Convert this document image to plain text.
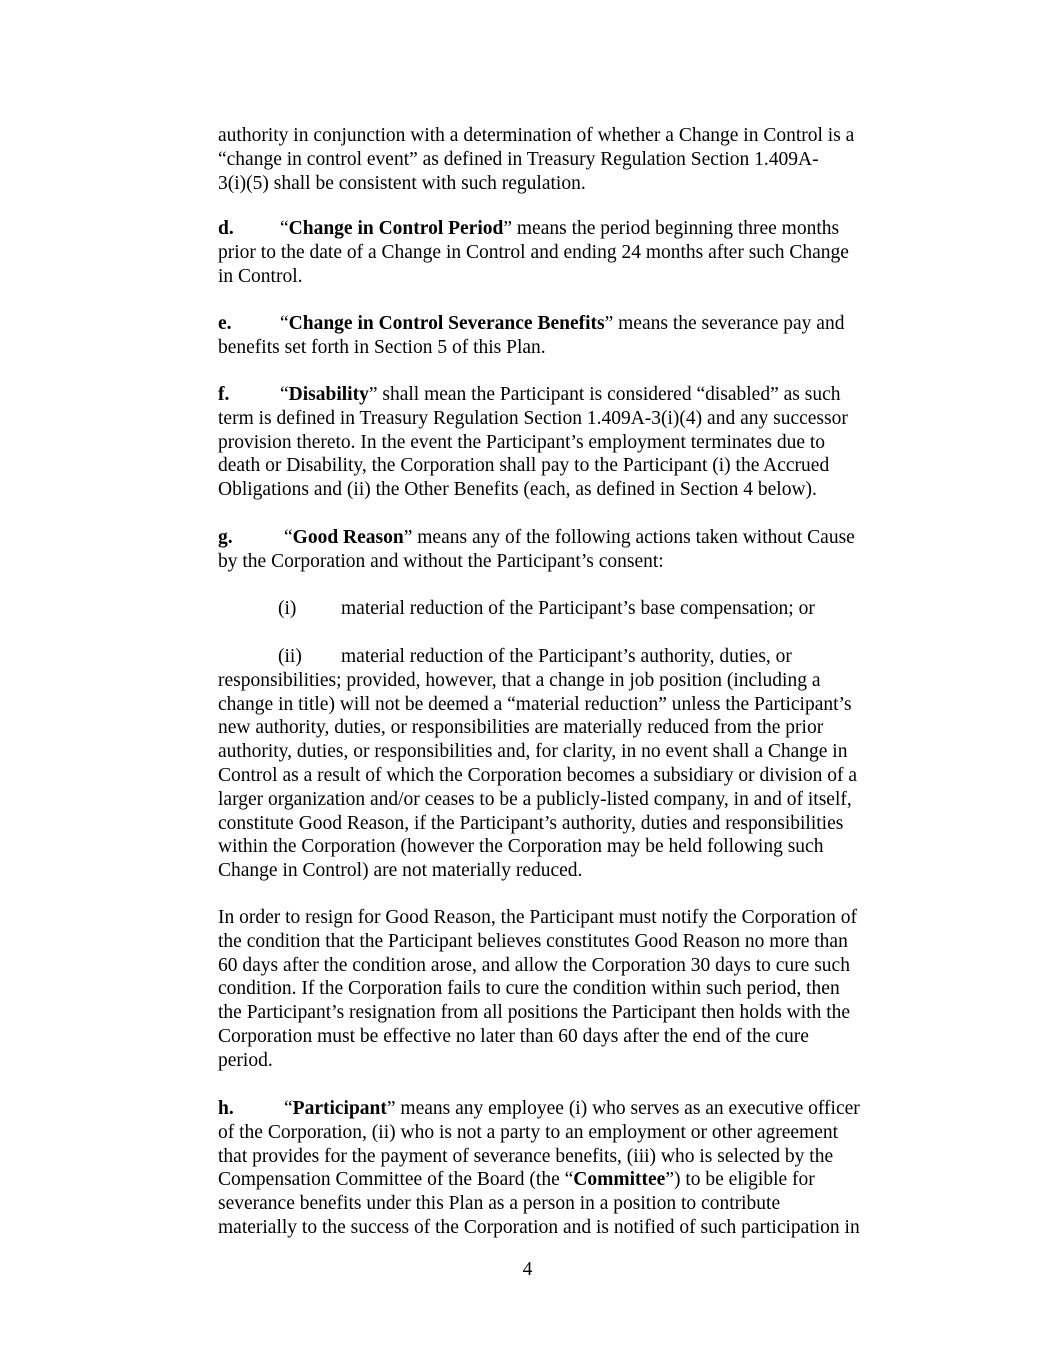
authority in conjunction with a determination of whether a Change in Control is a
“change in control event” as defined in Treasury Regulation Section 1.409A-
3(i)(5) shall be consistent with such regulation.

d. “Change in Control Period” means the period beginning three months
prior to the date of a Change in Control and ending 24 months after such Change
in Control.

e. “Change in Control Severance Benefits” means the severance pay and
benefits set forth in Section 5 of this Plan.

f.	“Disability” shall mean the Participant is considered “disabled” as such
term is defined in Treasury Regulation Section 1.409A-3(i)(4) and any successor
provision thereto. In the event the Participant’s employment terminates due to
death or Disability, the Corporation shall pay to the Participant (i) the Accrued
Obligations and (ii) the Other Benefits (each, as defined in Section 4 below).

g.	“Good Reason” means any of the following actions taken without Cause
by the Corporation and without the Participant’s consent:

(i) material reduction of the Participant’s base compensation; or

(ii) material reduction of the Participant’s authority, duties, or
responsibilities; provided, however, that a change in job position (including a
change in title) will not be deemed a “material reduction” unless the Participant’s
new authority, duties, or responsibilities are materially reduced from the prior
authority, duties, or responsibilities and, for clarity, in no event shall a Change in
Control as a result of which the Corporation becomes a subsidiary or division of a
larger organization and/or ceases to be a publicly-listed company, in and of itself,
constitute Good Reason, if the Participant’s authority, duties and responsibilities
within the Corporation (however the Corporation may be held following such
Change in Control) are not materially reduced.

In order to resign for Good Reason, the Participant must notify the Corporation of
the condition that the Participant believes constitutes Good Reason no more than
60 days after the condition arose, and allow the Corporation 30 days to cure such
condition. If the Corporation fails to cure the condition within such period, then
the Participant’s resignation from all positions the Participant then holds with the
Corporation must be effective no later than 60 days after the end of the cure
period.

h.	“Participant” means any employee (i) who serves as an executive officer
of the Corporation, (ii) who is not a party to an employment or other agreement
that provides for the payment of severance benefits, (iii) who is selected by the
Compensation Committee of the Board (the “Committee”) to be eligible for
severance benefits under this Plan as a person in a position to contribute
materially to the success of the Corporation and is notified of such participation in

4
